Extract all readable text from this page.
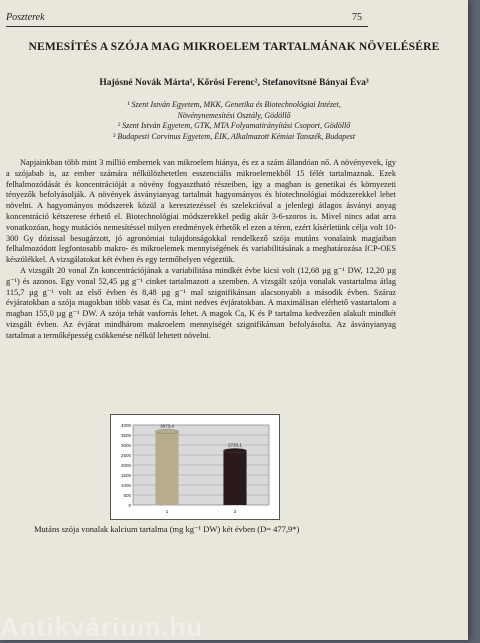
Poszterek	75
NEMESÍTÉS A SZÓJA MAG MIKROELEM TARTALMÁNAK NÖVELÉSÉRE
Hajósné Novák Márta¹, Kőrösi Ferenc², Stefanovitsné Bányai Éva³
¹ Szent István Egyetem, MKK, Genetika és Biotechnológiai Intézet,
Növénynemesítési Osztály, Gödöllő
² Szent István Egyetem, GTK, MTA Folyamatirányítási Csoport, Gödöllő
³ Budapesti Corvinus Egyetem, ÉIK, Alkalmazott Kémiai Tanszék, Budapest

Napjainkban több mint 3 millió embernek van mikroelem hiánya, és ez a szám állandóan nő. A növényevek, így a szójabab is, az ember számára nélkülözhetetlen esszenciális mikroelemekből 15 félét tartalmaznak. Ezek felhalmozódását és koncentrációját a növény fogyasztható részeiben, így a magban is genetikai és környezeti tényezők befolyásolják. A növények ásványianyag tartalmát hagyományos és biotechnológiai módszerekkel lehet növelni. A hagyományos módszerek közül a keresztezéssel és szelekcióval a jelenlegi átlagos ásványi anyag koncentráció kétszerese érhető el. Biotechnológiai módszerekkel pedig akár 3-6-szoros is. Mivel nincs adat arra vonatkozóan, hogy mutációs nemesítéssel milyen eredmények érhetők el ezen a téren, ezért kísérletünk célja volt 10-300 Gy dózissal besugárzott, jó agronómiai tulajdonságokkal rendelkező szója mutáns vonalaink magjaiban felhalmozódott legfontosabb makro- és mikroelemek mennyiségének és variabilitásának a meghatározása ICP-OES készülékkel. A vizsgálatokat két évben és egy termőhelyen végeztük.

A vizsgált 20 vonal Zn koncentrációjának a variabilitása mindkét évbe kicsi volt (12,68 µg g⁻¹ DW, 12,20 µg g⁻¹) és azonos. Egy vonal 52,45 µg g⁻¹ cinket tartalmazott a szemben. A vizsgált szója vonalak vastartalma átlag 115,7 µg g⁻¹ volt az első évben és 8,48 µg g⁻¹ mal szignifikánsan alacsonyabb a második évben. Száraz évjáratokban a szója magokban több vasat és Ca, mint nedves évjáratokban. A maximálisan elérhető vastartalom a magban 155,0 µg g⁻¹ DW. A szója tehát vasforrás lehet. A magok Ca, K és P tartalma kedvezően alakult mindkét vizsgált évben. Az évjárat mindhárom makroelem mennyiségét szignifikánsan befolyásolta. Az ásványianyag tartalmat a termőképesség csökkenése nélkül lehetett növelni.

0
500
1000
1500
2000
2500
3000
3500
4000	3673,4
1
2720,1
2
Mutáns szója vonalak kalcium tartalma (mg kg⁻¹ DW) két évben (D= 477,9*)
Antikvárium.hu
